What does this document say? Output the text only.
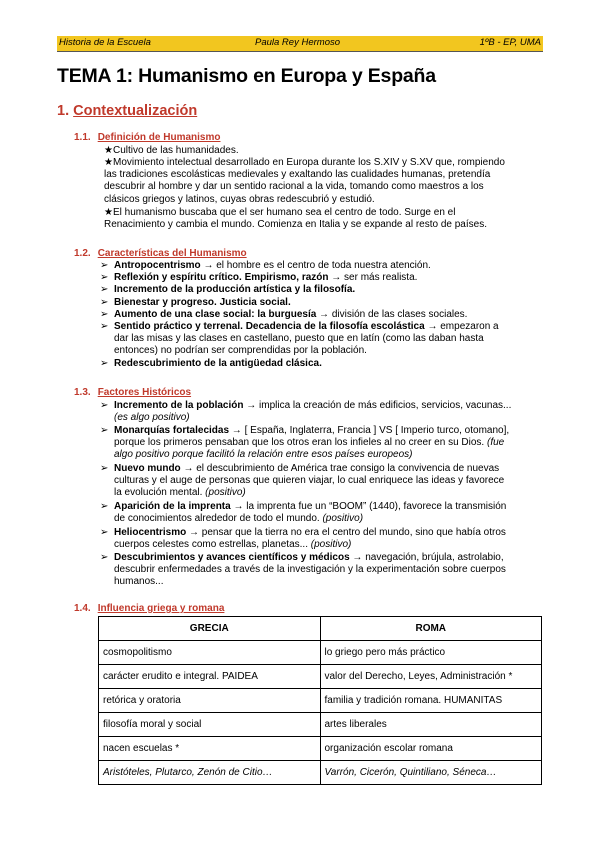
Historia de la Escuela	Paula Rey Hermoso	1ºB - EP, UMA
TEMA 1: Humanismo en Europa y España
1. Contextualización
1.1. Definición de Humanismo
★Cultivo de las humanidades.
★Movimiento intelectual desarrollado en Europa durante los S.XIV y S.XV que, rompiendo
las tradiciones escolásticas medievales y exaltando las cualidades humanas, pretendía
descubrir al hombre y dar un sentido racional a la vida, tomando como maestros a los
clásicos griegos y latinos, cuyas obras redescubrió y estudió.
★El humanismo buscaba que el ser humano sea el centro de todo. Surge en el
Renacimiento y cambia el mundo. Comienza en Italia y se expande al resto de países.
1.2. Características del Humanismo
➢ Antropocentrismo → el hombre es el centro de toda nuestra atención.
➢ Reflexión y espíritu crítico. Empirismo, razón → ser más realista.
➢ Incremento de la producción artística y la filosofía.
➢ Bienestar y progreso. Justicia social.
➢ Aumento de una clase social: la burguesía → división de las clases sociales.
➢ Sentido práctico y terrenal. Decadencia de la filosofía escolástica → empezaron a
dar las misas y las clases en castellano, puesto que en latín (como las daban hasta
entonces) no podrían ser comprendidas por la población.
➢ Redescubrimiento de la antigüedad clásica.
1.3. Factores Históricos
➢ Incremento de la población → implica la creación de más edificios, servicios, vacunas...
(es algo positivo)
➢ Monarquías fortalecidas → [ España, Inglaterra, Francia ] VS [ Imperio turco, otomano],
porque los primeros pensaban que los otros eran los infieles al no creer en su Dios. (fue
algo positivo porque facilitó la relación entre esos países europeos)
➢ Nuevo mundo → el descubrimiento de América trae consigo la convivencia de nuevas
culturas y el auge de personas que quieren viajar, lo cual enriquece las ideas y favorece
la evolución mental. (positivo)
➢ Aparición de la imprenta → la imprenta fue un “BOOM” (1440), favorece la transmisión
de conocimientos alrededor de todo el mundo. (positivo)
➢ Heliocentrismo → pensar que la tierra no era el centro del mundo, sino que había otros
cuerpos celestes como estrellas, planetas... (positivo)
➢ Descubrimientos y avances científicos y médicos → navegación, brújula, astrolabio,
descubrir enfermedades a través de la investigación y la experimentación sobre cuerpos
humanos...
1.4. Influencia griega y romana
GRECIA	ROMA
cosmopolitismo	lo griego pero más práctico
carácter erudito e integral. PAIDEA	valor del Derecho, Leyes, Administración *
retórica y oratoria	familia y tradición romana. HUMANITAS
filosofía moral y social	artes liberales
nacen escuelas *	organización escolar romana
Aristóteles, Plutarco, Zenón de Citio…	Varrón, Cicerón, Quintiliano, Séneca…
